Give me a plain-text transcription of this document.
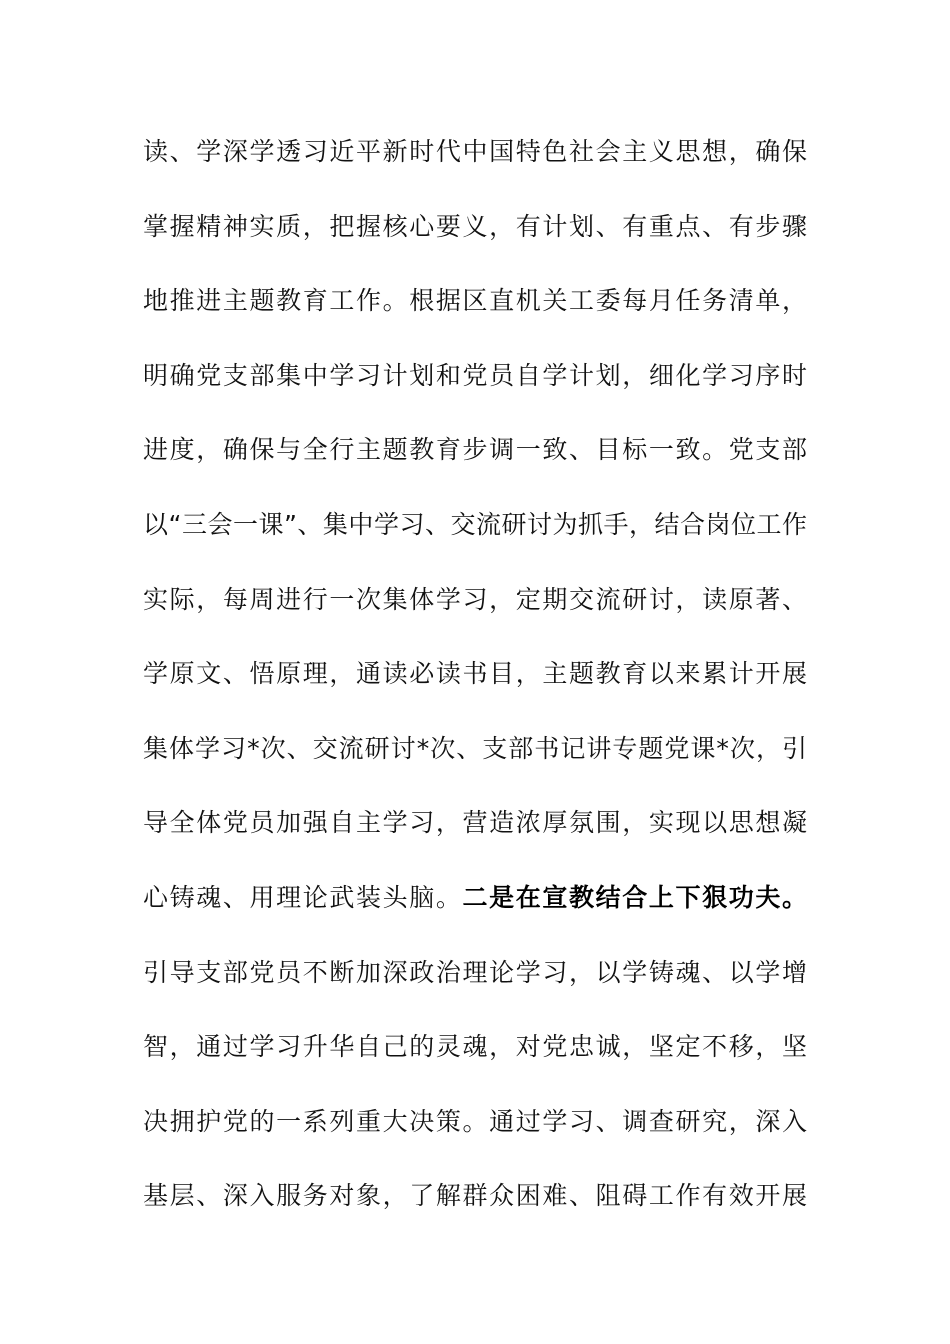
读、学深学透习近平新时代中国特色社会主义思想，确保
掌握精神实质，把握核心要义，有计划、有重点、有步骤
地推进主题教育工作。根据区直机关工委每月任务清单，
明确党支部集中学习计划和党员自学计划，细化学习序时
进度，确保与全行主题教育步调一致、目标一致。党支部
以“三会一课”、集中学习、交流研讨为抓手，结合岗位工作
实际，每周进行一次集体学习，定期交流研讨，读原著、
学原文、悟原理，通读必读书目，主题教育以来累计开展
集体学习*次、交流研讨*次、支部书记讲专题党课*次，引
导全体党员加强自主学习，营造浓厚氛围，实现以思想凝
心铸魂、用理论武装头脑。二是在宣教结合上下狠功夫。
引导支部党员不断加深政治理论学习，以学铸魂、以学增
智，通过学习升华自己的灵魂，对党忠诚，坚定不移，坚
决拥护党的一系列重大决策。通过学习、调查研究，深入
基层、深入服务对象，了解群众困难、阻碍工作有效开展
